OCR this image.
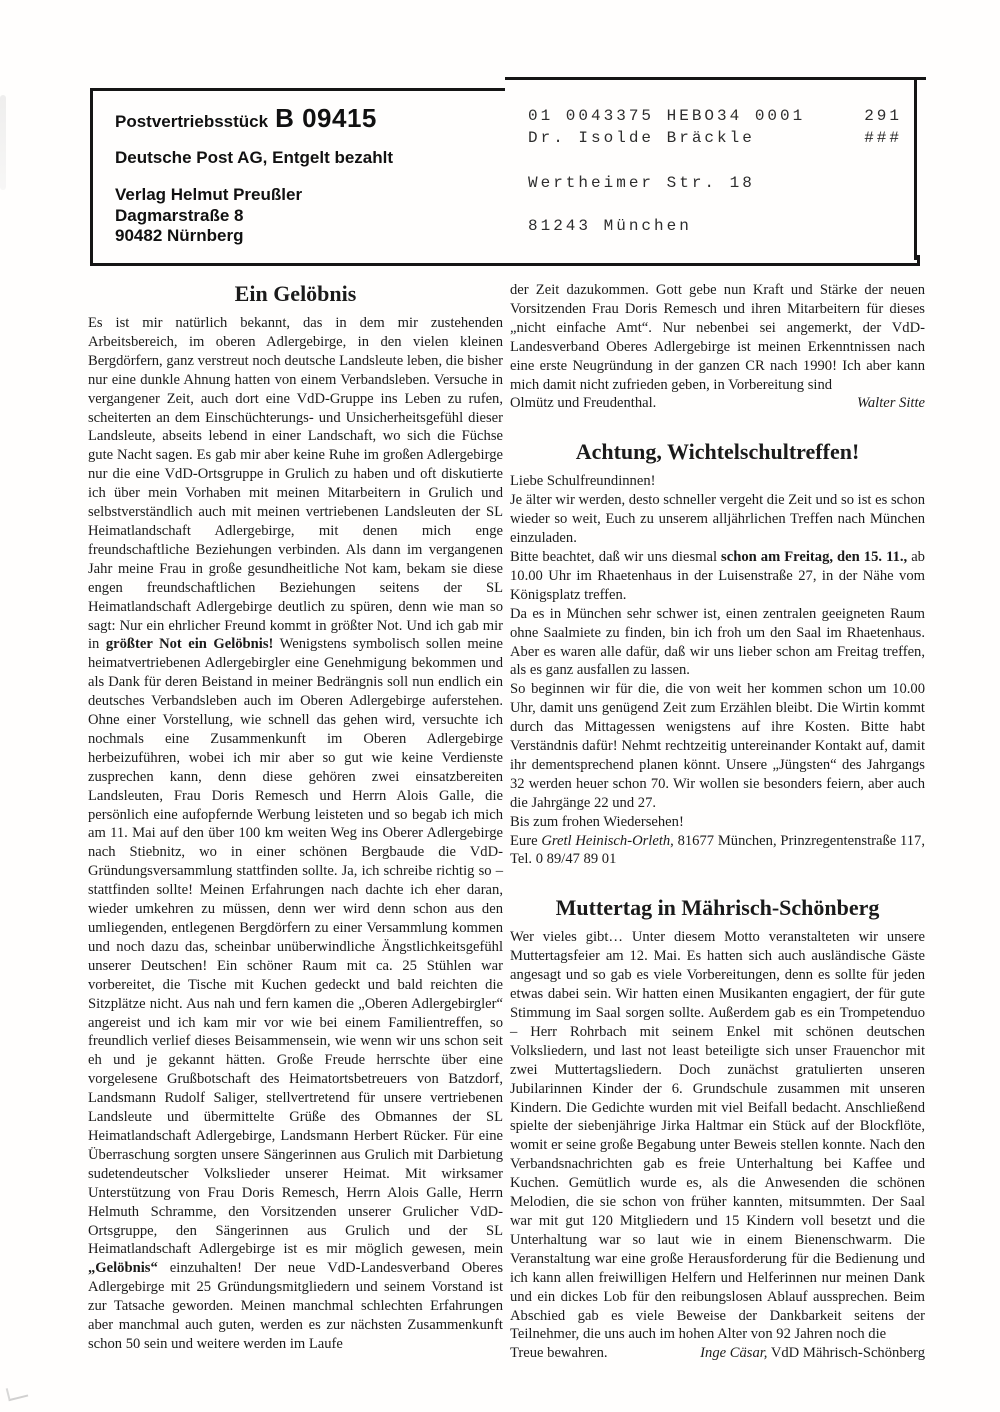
Postvertriebsstück B 09415
Deutsche Post AG, Entgelt bezahlt
Verlag Helmut Preußler
Dagmarstraße 8
90482 Nürnberg
01 0043375 HEBO34 0001	291
Dr. Isolde Bräckle	###
Wertheimer Str. 18
81243 München
Ein Gelöbnis

Es ist mir natürlich bekannt, das in dem mir zustehenden Arbeitsbereich, im oberen Adlergebirge, in den vielen kleinen Bergdörfern, ganz verstreut noch deutsche Landsleute leben, die bisher nur eine dunkle Ahnung hatten von einem Verbandsleben. Versuche in vergangener Zeit, auch dort eine VdD-Gruppe ins Leben zu rufen, scheiterten an dem Einschüchterungs- und Unsicherheitsgefühl dieser Landsleute, abseits lebend in einer Landschaft, wo sich die Füchse gute Nacht sagen. Es gab mir aber keine Ruhe im großen Adlergebirge nur die eine VdD-Ortsgruppe in Grulich zu haben und oft diskutierte ich über mein Vorhaben mit meinen Mitarbeitern in Grulich und selbstverständlich auch mit meinen vertriebenen Landsleuten der SL Heimatlandschaft Adlergebirge, mit denen mich enge freundschaftliche Beziehungen verbinden. Als dann im vergangenen Jahr meine Frau in große gesundheitliche Not kam, bekam sie diese engen freundschaftlichen Beziehungen seitens der SL Heimatlandschaft Adlergebirge deutlich zu spüren, denn wie man so sagt: Nur ein ehrlicher Freund kommt in größter Not. Und ich gab mir in größter Not ein Gelöbnis! Wenigstens symbolisch sollen meine heimatvertriebenen Adlergebirgler eine Genehmigung bekommen und als Dank für deren Beistand in meiner Bedrängnis soll nun endlich ein deutsches Verbandsleben auch im Oberen Adlergebirge auferstehen. Ohne einer Vorstellung, wie schnell das gehen wird, versuchte ich nochmals eine Zusammenkunft im Oberen Adlergebirge herbeizuführen, wobei ich mir aber so gut wie keine Verdienste zusprechen kann, denn diese gehören zwei einsatzbereiten Landsleuten, Frau Doris Remesch und Herrn Alois Galle, die persönlich eine aufopfernde Werbung leisteten und so begab ich mich am 11. Mai auf den über 100 km weiten Weg ins Oberer Adlergebirge nach Stiebnitz, wo in einer schönen Bergbaude die VdD-Gründungsversammlung stattfinden sollte. Ja, ich schreibe richtig so – stattfinden sollte! Meinen Erfahrungen nach dachte ich eher daran, wieder umkehren zu müssen, denn wer wird denn schon aus den umliegenden, entlegenen Bergdörfern zu einer Versammlung kommen und noch dazu das, scheinbar unüberwindliche Ängstlichkeitsgefühl unserer Deutschen! Ein schöner Raum mit ca. 25 Stühlen war vorbereitet, die Tische mit Kuchen gedeckt und bald reichten die Sitzplätze nicht. Aus nah und fern kamen die „Oberen Adlergebirgler“ angereist und ich kam mir vor wie bei einem Familientreffen, so freundlich verlief dieses Beisammensein, wie wenn wir uns schon seit eh und je gekannt hätten. Große Freude herrschte über eine vorgelesene Grußbotschaft des Heimatortsbetreuers von Batzdorf, Landsmann Rudolf Saliger, stellvertretend für unsere vertriebenen Landsleute und übermittelte Grüße des Obmannes der SL Heimatlandschaft Adlergebirge, Landsmann Herbert Rücker. Für eine Überraschung sorgten unsere Sängerinnen aus Grulich mit Darbietung sudetendeutscher Volkslieder unserer Heimat. Mit wirksamer Unterstützung von Frau Doris Remesch, Herrn Alois Galle, Herrn Helmuth Schramme, den Vorsitzenden unserer Grulicher VdD-Ortsgruppe, den Sängerinnen aus Grulich und der SL Heimatlandschaft Adlergebirge ist es mir möglich gewesen, mein „Gelöbnis“ einzuhalten! Der neue VdD-Landesverband Oberes Adlergebirge mit 25 Gründungsmitgliedern und seinem Vorstand ist zur Tatsache geworden. Meinen manchmal schlechten Erfahrungen aber manchmal auch guten, werden es zur nächsten Zusammenkunft schon 50 sein und weitere werden im Laufe

der Zeit dazukommen. Gott gebe nun Kraft und Stärke der neuen Vorsitzenden Frau Doris Remesch und ihren Mitarbeitern für dieses „nicht einfache Amt“. Nur nebenbei sei angemerkt, der VdD-Landesverband Oberes Adlergebirge ist meinen Erkenntnissen nach eine erste Neugründung in der ganzen CR nach 1990! Ich aber kann mich damit nicht zufrieden geben, in Vorbereitung sind

Olmütz und Freudenthal.	Walter Sitte
Achtung, Wichtelschultreffen!

Liebe Schulfreundinnen!

Je älter wir werden, desto schneller vergeht die Zeit und so ist es schon wieder so weit, Euch zu unserem alljährlichen Treffen nach München einzuladen.

Bitte beachtet, daß wir uns diesmal schon am Freitag, den 15. 11., ab 10.00 Uhr im Rhaetenhaus in der Luisenstraße 27, in der Nähe vom Königsplatz treffen.

Da es in München sehr schwer ist, einen zentralen geeigneten Raum ohne Saalmiete zu finden, bin ich froh um den Saal im Rhaetenhaus. Aber es waren alle dafür, daß wir uns lieber schon am Freitag treffen, als es ganz ausfallen zu lassen.

So beginnen wir für die, die von weit her kommen schon um 10.00 Uhr, damit uns genügend Zeit zum Erzählen bleibt. Die Wirtin kommt durch das Mittagessen wenigstens auf ihre Kosten. Bitte habt Verständnis dafür! Nehmt rechtzeitig untereinander Kontakt auf, damit ihr dementsprechend planen könnt. Unsere „Jüngsten“ des Jahrgangs 32 werden heuer schon 70. Wir wollen sie besonders feiern, aber auch die Jahrgänge 22 und 27.

Bis zum frohen Wiedersehen!

Eure Gretl Heinisch-Orleth, 81677 München, Prinzregentenstraße 117, Tel. 0 89/47 89 01

Muttertag in Mährisch-Schönberg

Wer vieles gibt… Unter diesem Motto veranstalteten wir unsere Muttertagsfeier am 12. Mai. Es hatten sich auch ausländische Gäste angesagt und so gab es viele Vorbereitungen, denn es sollte für jeden etwas dabei sein. Wir hatten einen Musikanten engagiert, der für gute Stimmung im Saal sorgen sollte. Außerdem gab es ein Trompetenduo – Herr Rohrbach mit seinem Enkel mit schönen deutschen Volksliedern, und last not least beteiligte sich unser Frauenchor mit zwei Muttertagsliedern. Doch zunächst gratulierten unseren Jubilarinnen Kinder der 6. Grundschule zusammen mit unseren Kindern. Die Gedichte wurden mit viel Beifall bedacht. Anschließend spielte der siebenjährige Jirka Haltmar ein Stück auf der Blockflöte, womit er seine große Begabung unter Beweis stellen konnte. Nach den Verbandsnachrichten gab es freie Unterhaltung bei Kaffee und Kuchen. Gemütlich wurde es, als die Anwesenden die schönen Melodien, die sie schon von früher kannten, mitsummten. Der Saal war mit gut 120 Mitgliedern und 15 Kindern voll besetzt und die Unterhaltung war so laut wie in einem Bienenschwarm. Die Veranstaltung war eine große Herausforderung für die Bedienung und ich kann allen freiwilligen Helfern und Helferinnen nur meinen Dank und ein dickes Lob für den reibungslosen Ablauf aussprechen. Beim Abschied gab es viele Beweise der Dankbarkeit seitens der Teilnehmer, die uns auch im hohen Alter von 92 Jahren noch die

Treue bewahren.	Inge Cäsar, VdD Mährisch-Schönberg
